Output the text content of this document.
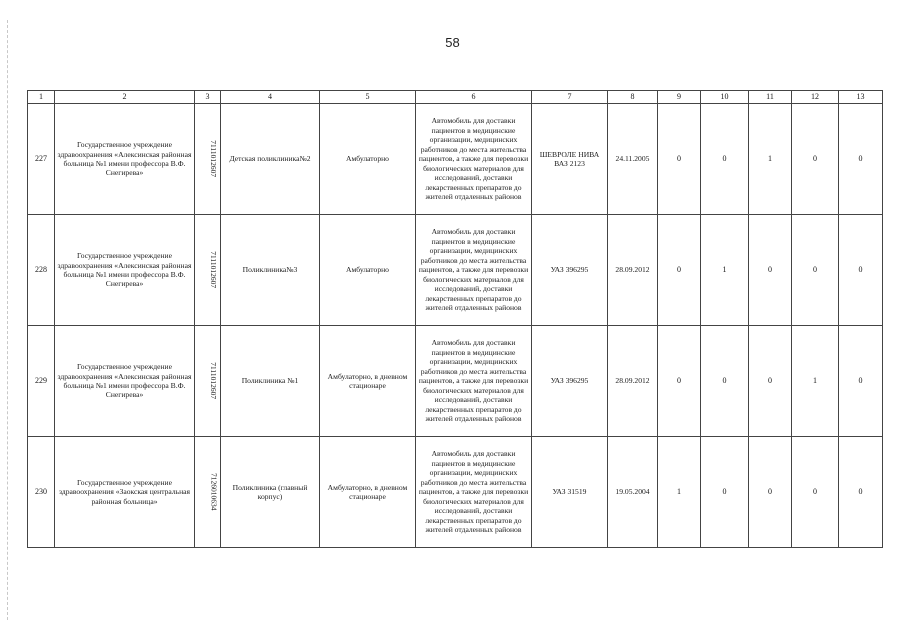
58
1	2	3	4	5	6	7	8	9	10	11	12	13
227	Государственное учреждение здравоохранения «Алексинская районная больница №1 имени профессора В.Ф. Снегирева»	7111012607	Детская поликлиника№2	Амбулаторно	Автомобиль для доставки пациентов в медицинские организации, медицинских работников до места жительства пациентов, а также для перевозки биологических материалов для исследований, доставки лекарственных препаратов до жителей отдаленных районов	ШЕВРОЛЕ НИВА ВАЗ 2123	24.11.2005	0	0	1	0	0
228	Государственное учреждение здравоохранения «Алексинская районная больница №1 имени профессора В.Ф. Снегирева»	7111012607	Поликлиника№3	Амбулаторно	Автомобиль для доставки пациентов в медицинские организации, медицинских работников до места жительства пациентов, а также для перевозки биологических материалов для исследований, доставки лекарственных препаратов до жителей отдаленных районов	УАЗ 396295	28.09.2012	0	1	0	0	0
229	Государственное учреждение здравоохранения «Алексинская районная больница №1 имени профессора В.Ф. Снегирева»	7111012607	Поликлиника №1	Амбулаторно, в дневном стационаре	Автомобиль для доставки пациентов в медицинские организации, медицинских работников до места жительства пациентов, а также для перевозки биологических материалов для исследований, доставки лекарственных препаратов до жителей отдаленных районов	УАЗ 396295	28.09.2012	0	0	0	1	0
230	Государственное учреждение здравоохранения «Заокская центральная районная больница»	7126010634	Поликлиника (главный корпус)	Амбулаторно, в дневном стационаре	Автомобиль для доставки пациентов в медицинские организации, медицинских работников до места жительства пациентов, а также для перевозки биологических материалов для исследований, доставки лекарственных препаратов до жителей отдаленных районов	УАЗ 31519	19.05.2004	1	0	0	0	0
